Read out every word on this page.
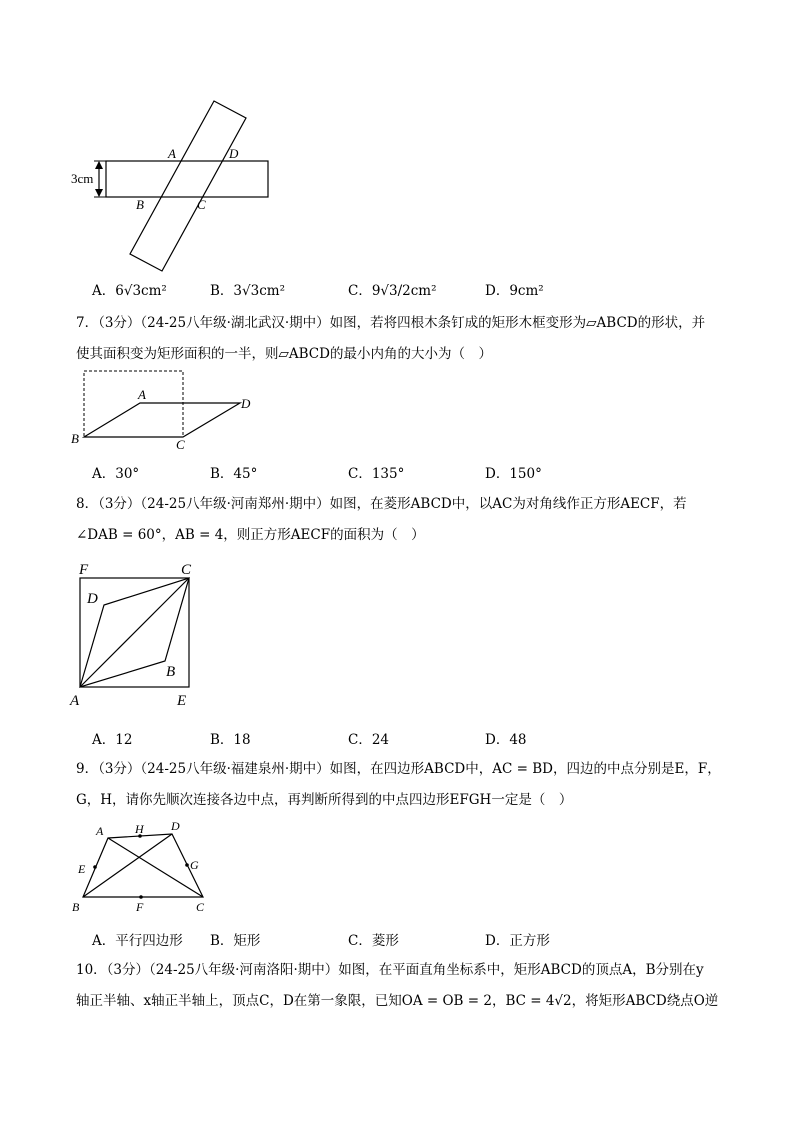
3cm
A	D
B	C
A．6√3cm²	B．3√3cm²	C．9√3/2cm²	D．9cm²
7．（3分）（24-25八年级·湖北武汉·期中）如图，若将四根木条钉成的矩形木框变形为▱ABCD的形状，并
使其面积变为矩形面积的一半，则▱ABCD的最小内角的大小为（　）
A
D
B	C
A．30°	B．45°	C．135°	D．150°
8．（3分）（24-25八年级·河南郑州·期中）如图，在菱形ABCD中，以AC为对角线作正方形AECF，若
∠DAB = 60°，AB = 4，则正方形AECF的面积为（　）
F	C
D
B
A	E
A．12	B．18	C．24	D．48
9．（3分）（24-25八年级·福建泉州·期中）如图，在四边形ABCD中，AC = BD，四边的中点分别是E，F，
G，H，请你先顺次连接各边中点，再判断所得到的中点四边形EFGH一定是（　）
A	H D
E	G
B	F	C
A．平行四边形 B．矩形	C．菱形	D．正方形
10．（3分）（24-25八年级·河南洛阳·期中）如图，在平面直角坐标系中，矩形ABCD的顶点A，B分别在y
轴正半轴、x轴正半轴上，顶点C，D在第一象限，已知OA = OB = 2，BC = 4√2，将矩形ABCD绕点O逆
